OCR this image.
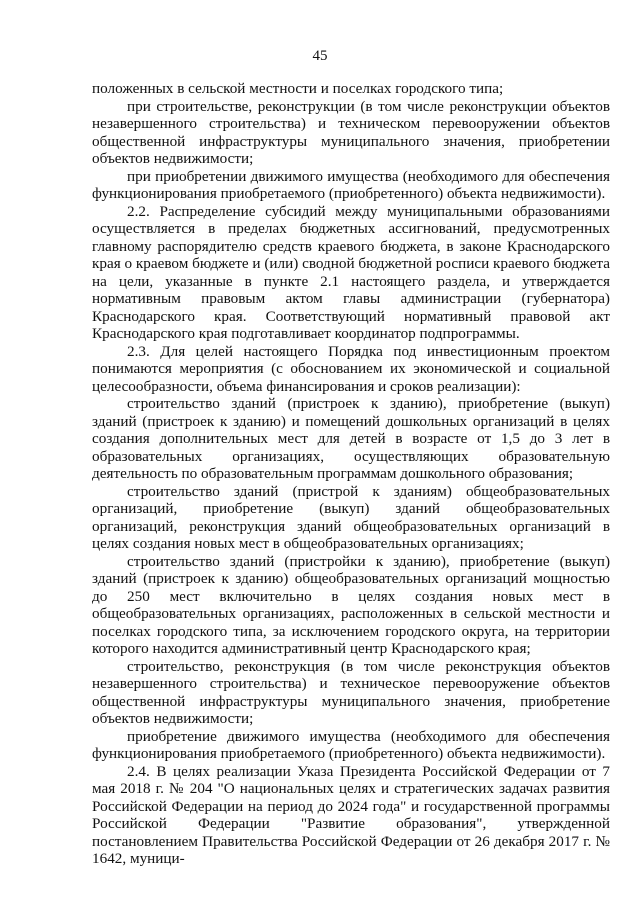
45

положенных в сельской местности и поселках городского типа;

при строительстве, реконструкции (в том числе реконструкции объектов незавершенного строительства) и техническом перевооружении объектов общественной инфраструктуры муниципального значения, приобретении объектов недвижимости;

при приобретении движимого имущества (необходимого для обеспечения функционирования приобретаемого (приобретенного) объекта недвижимости).

2.2. Распределение субсидий между муниципальными образованиями осуществляется в пределах бюджетных ассигнований, предусмотренных главному распорядителю средств краевого бюджета, в законе Краснодарского края о краевом бюджете и (или) сводной бюджетной росписи краевого бюджета на цели, указанные в пункте 2.1 настоящего раздела, и утверждается нормативным правовым актом главы администрации (губернатора) Краснодарского края. Соответствующий нормативный правовой акт Краснодарского края подготавливает координатор подпрограммы.

2.3. Для целей настоящего Порядка под инвестиционным проектом понимаются мероприятия (с обоснованием их экономической и социальной целесообразности, объема финансирования и сроков реализации):

строительство зданий (пристроек к зданию), приобретение (выкуп) зданий (пристроек к зданию) и помещений дошкольных организаций в целях создания дополнительных мест для детей в возрасте от 1,5 до 3 лет в образовательных организациях, осуществляющих образовательную деятельность по образовательным программам дошкольного образования;

строительство зданий (пристрой к зданиям) общеобразовательных организаций, приобретение (выкуп) зданий общеобразовательных организаций, реконструкция зданий общеобразовательных организаций в целях создания новых мест в общеобразовательных организациях;

строительство зданий (пристройки к зданию), приобретение (выкуп) зданий (пристроек к зданию) общеобразовательных организаций мощностью до 250 мест включительно в целях создания новых мест в общеобразовательных организациях, расположенных в сельской местности и поселках городского типа, за исключением городского округа, на территории которого находится административный центр Краснодарского края;

строительство, реконструкция (в том числе реконструкция объектов незавершенного строительства) и техническое перевооружение объектов общественной инфраструктуры муниципального значения, приобретение объектов недвижимости;

приобретение движимого имущества (необходимого для обеспечения функционирования приобретаемого (приобретенного) объекта недвижимости).

2.4. В целях реализации Указа Президента Российской Федерации от 7 мая 2018 г. № 204 "О национальных целях и стратегических задачах развития Российской Федерации на период до 2024 года" и государственной программы Российской Федерации "Развитие образования", утвержденной постановлением Правительства Российской Федерации от 26 декабря 2017 г. № 1642, муници-
